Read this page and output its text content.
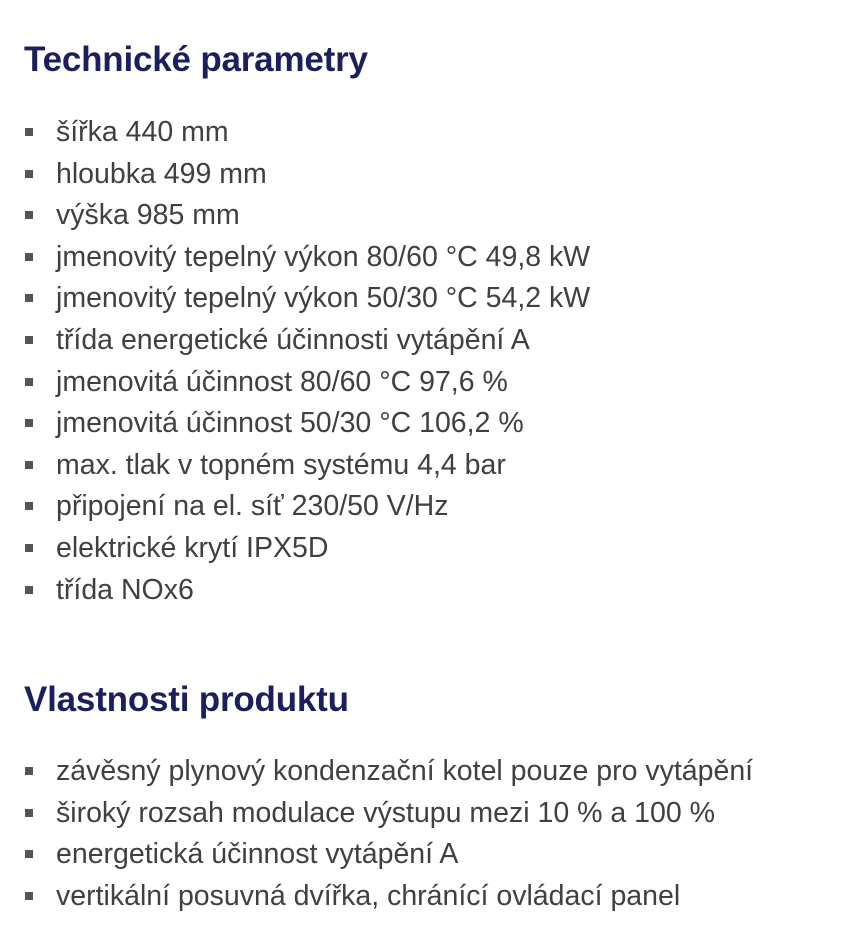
Technické parametry
šířka 440 mm
hloubka 499 mm
výška 985 mm
jmenovitý tepelný výkon 80/60 °C 49,8 kW
jmenovitý tepelný výkon 50/30 °C 54,2 kW
třída energetické účinnosti vytápění A
jmenovitá účinnost 80/60 °C 97,6 %
jmenovitá účinnost 50/30 °C 106,2 %
max. tlak v topném systému 4,4 bar
připojení na el. síť 230/50 V/Hz
elektrické krytí IPX5D
třída NOx6
Vlastnosti produktu
závěsný plynový kondenzační kotel pouze pro vytápění
široký rozsah modulace výstupu mezi 10 % a 100 %
energetická účinnost vytápění A
vertikální posuvná dvířka, chránící ovládací panel
